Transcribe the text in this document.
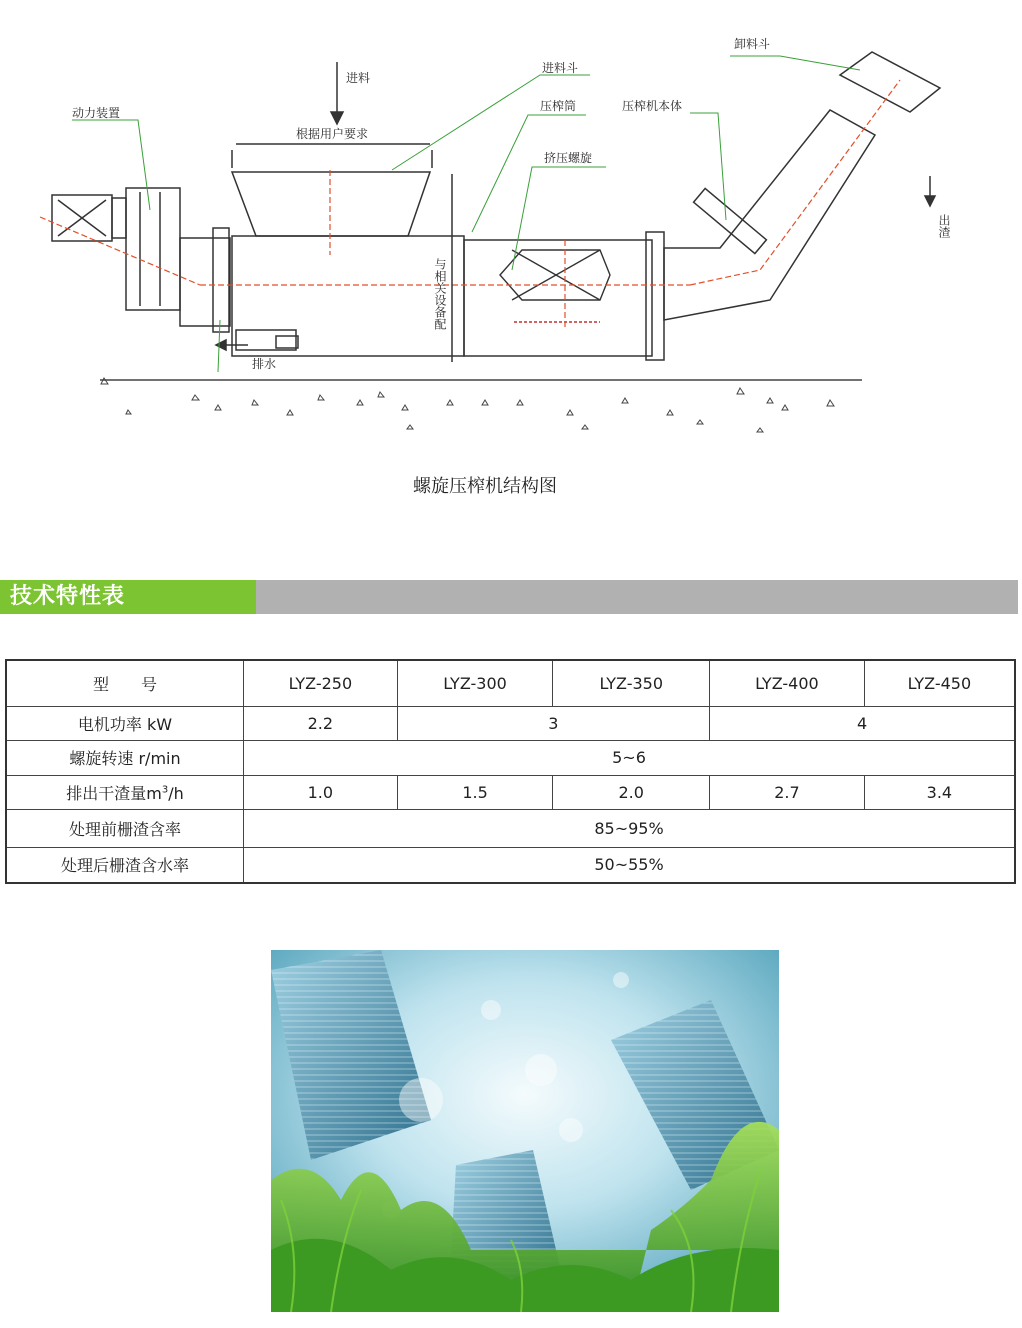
动力装置
进料
根据用户要求
进料斗
压榨筒	压榨机本体
挤压螺旋
卸料斗
出渣
排水
与相关设备配
螺旋压榨机结构图
技术特性表
型　　号	LYZ-250	LYZ-300	LYZ-350	LYZ-400	LYZ-450
电机功率 kW	2.2	3		4	
螺旋转速 r/min	5~6				
排出干渣量$m^3/h$	1.0	1.5	2.0	2.7	3.4
处理前栅渣含率	85~95%				
处理后栅渣含水率	50~55%				
